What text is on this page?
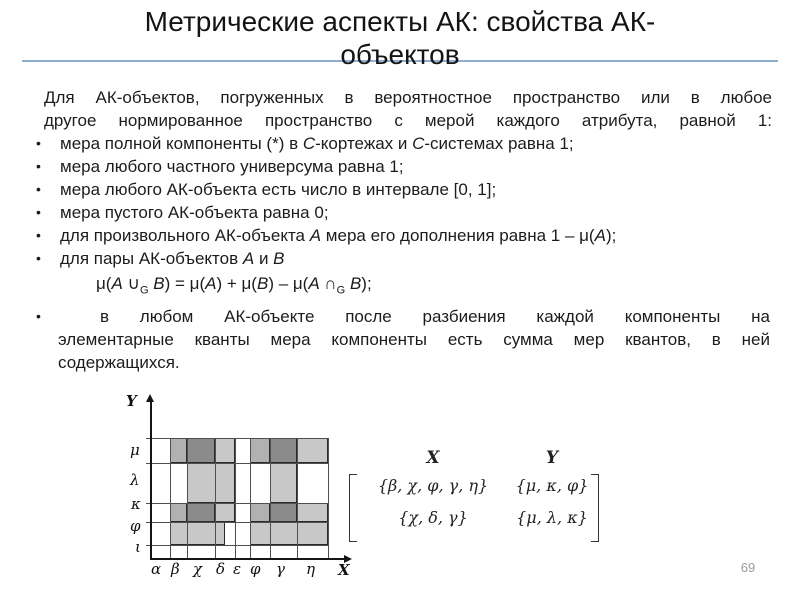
Метрические аспекты АК: свойства АК-
объектов
Для АК-объектов, погруженных в вероятностное пространство или в любое
другое нормированное пространство с мерой каждого атрибута, равной 1:
• мера полной компоненты (*) в C-кортежах и C-системах равна 1;
• мера любого частного универсума равна 1;
• мера любого АК-объекта есть число в интервале [0, 1];
• мера пустого АК-объекта равна 0;
• для произвольного АК-объекта A мера его дополнения равна 1 – μ(A);
• для пары АК-объектов A и B
μ(A $\cup_G$ B) = μ(A) + μ(B) – μ(A $\cap_G$ B);
•	в любом АК-объекте после разбиения каждой компоненты на
элементарные кванты мера компоненты есть сумма мер квантов, в ней
содержащихся.
Y
X
μ
λ
κ
φ
ι
α β χ δ ε φ γ η
X	Y
{β, χ, φ, γ, η}	{μ, κ, φ}
{χ, δ, γ}	{μ, λ, κ}
69
